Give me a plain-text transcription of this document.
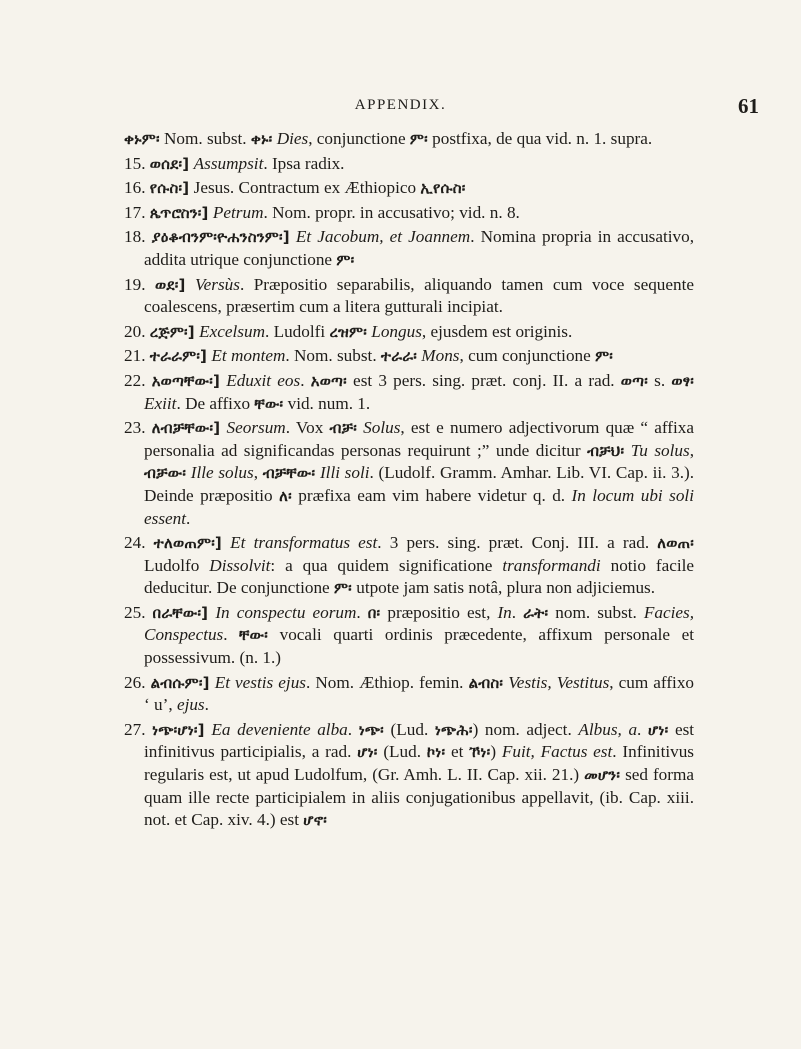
APPENDIX.	61

ቀኑም፡ Nom. subst. ቀኑ፡ Dies, conjunctione ም፡ postfixa, de qua vid. n. 1. supra.

15. ወሰደ፡] Assumpsit. Ipsa radix.

16. የሱስ፡] Jesus. Contractum ex Æthiopico ኢየሱስ፡

17. ጴጥሮስን፡] Petrum. Nom. propr. in accusativo; vid. n. 8.

18. ያዕቆብንም፡ዮሐንስንም፡] Et Jacobum, et Joannem. Nomina propria in accusativo, addita utrique conjunctione ም፡

19. ወደ፡] Versùs. Præpositio separabilis, aliquando tamen cum voce sequente coalescens, præsertim cum a litera gutturali incipiat.

20. ረጅም፡] Excelsum. Ludolfi ረዝም፡ Longus, ejusdem est originis.

21. ተራራም፡] Et montem. Nom. subst. ተራራ፡ Mons, cum conjunctione ም፡

22. አወጣቸው፡] Eduxit eos. አወጣ፡ est 3 pers. sing. præt. conj. II. a rad. ወጣ፡ s. ወፃ፡ Exiit. De affixo ቸው፡ vid. num. 1.

23. ለብቻቸው፡] Seorsum. Vox ብቻ፡ Solus, est e numero adjectivorum quæ “ affixa personalia ad significandas personas requirunt ;” unde dicitur ብቻህ፡ Tu solus, ብቻው፡ Ille solus, ብቻቸው፡ Illi soli. (Ludolf. Gramm. Amhar. Lib. VI. Cap. ii. 3.). Deinde præpositio ለ፡ præfixa eam vim habere videtur q. d. In locum ubi soli essent.

24. ተለወጠም፡] Et transformatus est. 3 pers. sing. præt. Conj. III. a rad. ለወጠ፡ Ludolfo Dissolvit: a qua quidem significatione transformandi notio facile deducitur. De conjunctione ም፡ utpote jam satis notâ, plura non adjiciemus.

25. በራቸው፡] In conspectu eorum. በ፡ præpositio est, In. ራት፡ nom. subst. Facies, Conspectus. ቸው፡ vocali quarti ordinis præcedente, affixum personale et possessivum. (n. 1.)

26. ልብሱም፡] Et vestis ejus. Nom. Æthiop. femin. ልብስ፡ Vestis, Vestitus, cum affixo ‘ u’, ejus.

27. ነጭ፡ሆነ፡] Ea deveniente alba. ነጭ፡ (Lud. ነጭሕ፡) nom. adject. Albus, a. ሆነ፡ est infinitivus participialis, a rad. ሆነ፡ (Lud. ኮነ፡ et ኾነ፡) Fuit, Factus est. Infinitivus regularis est, ut apud Ludolfum, (Gr. Amh. L. II. Cap. xii. 21.) መሆን፡ sed forma quam ille recte participialem in aliis conjugationibus appellavit, (ib. Cap. xiii. not. et Cap. xiv. 4.) est ሆኖ፡
